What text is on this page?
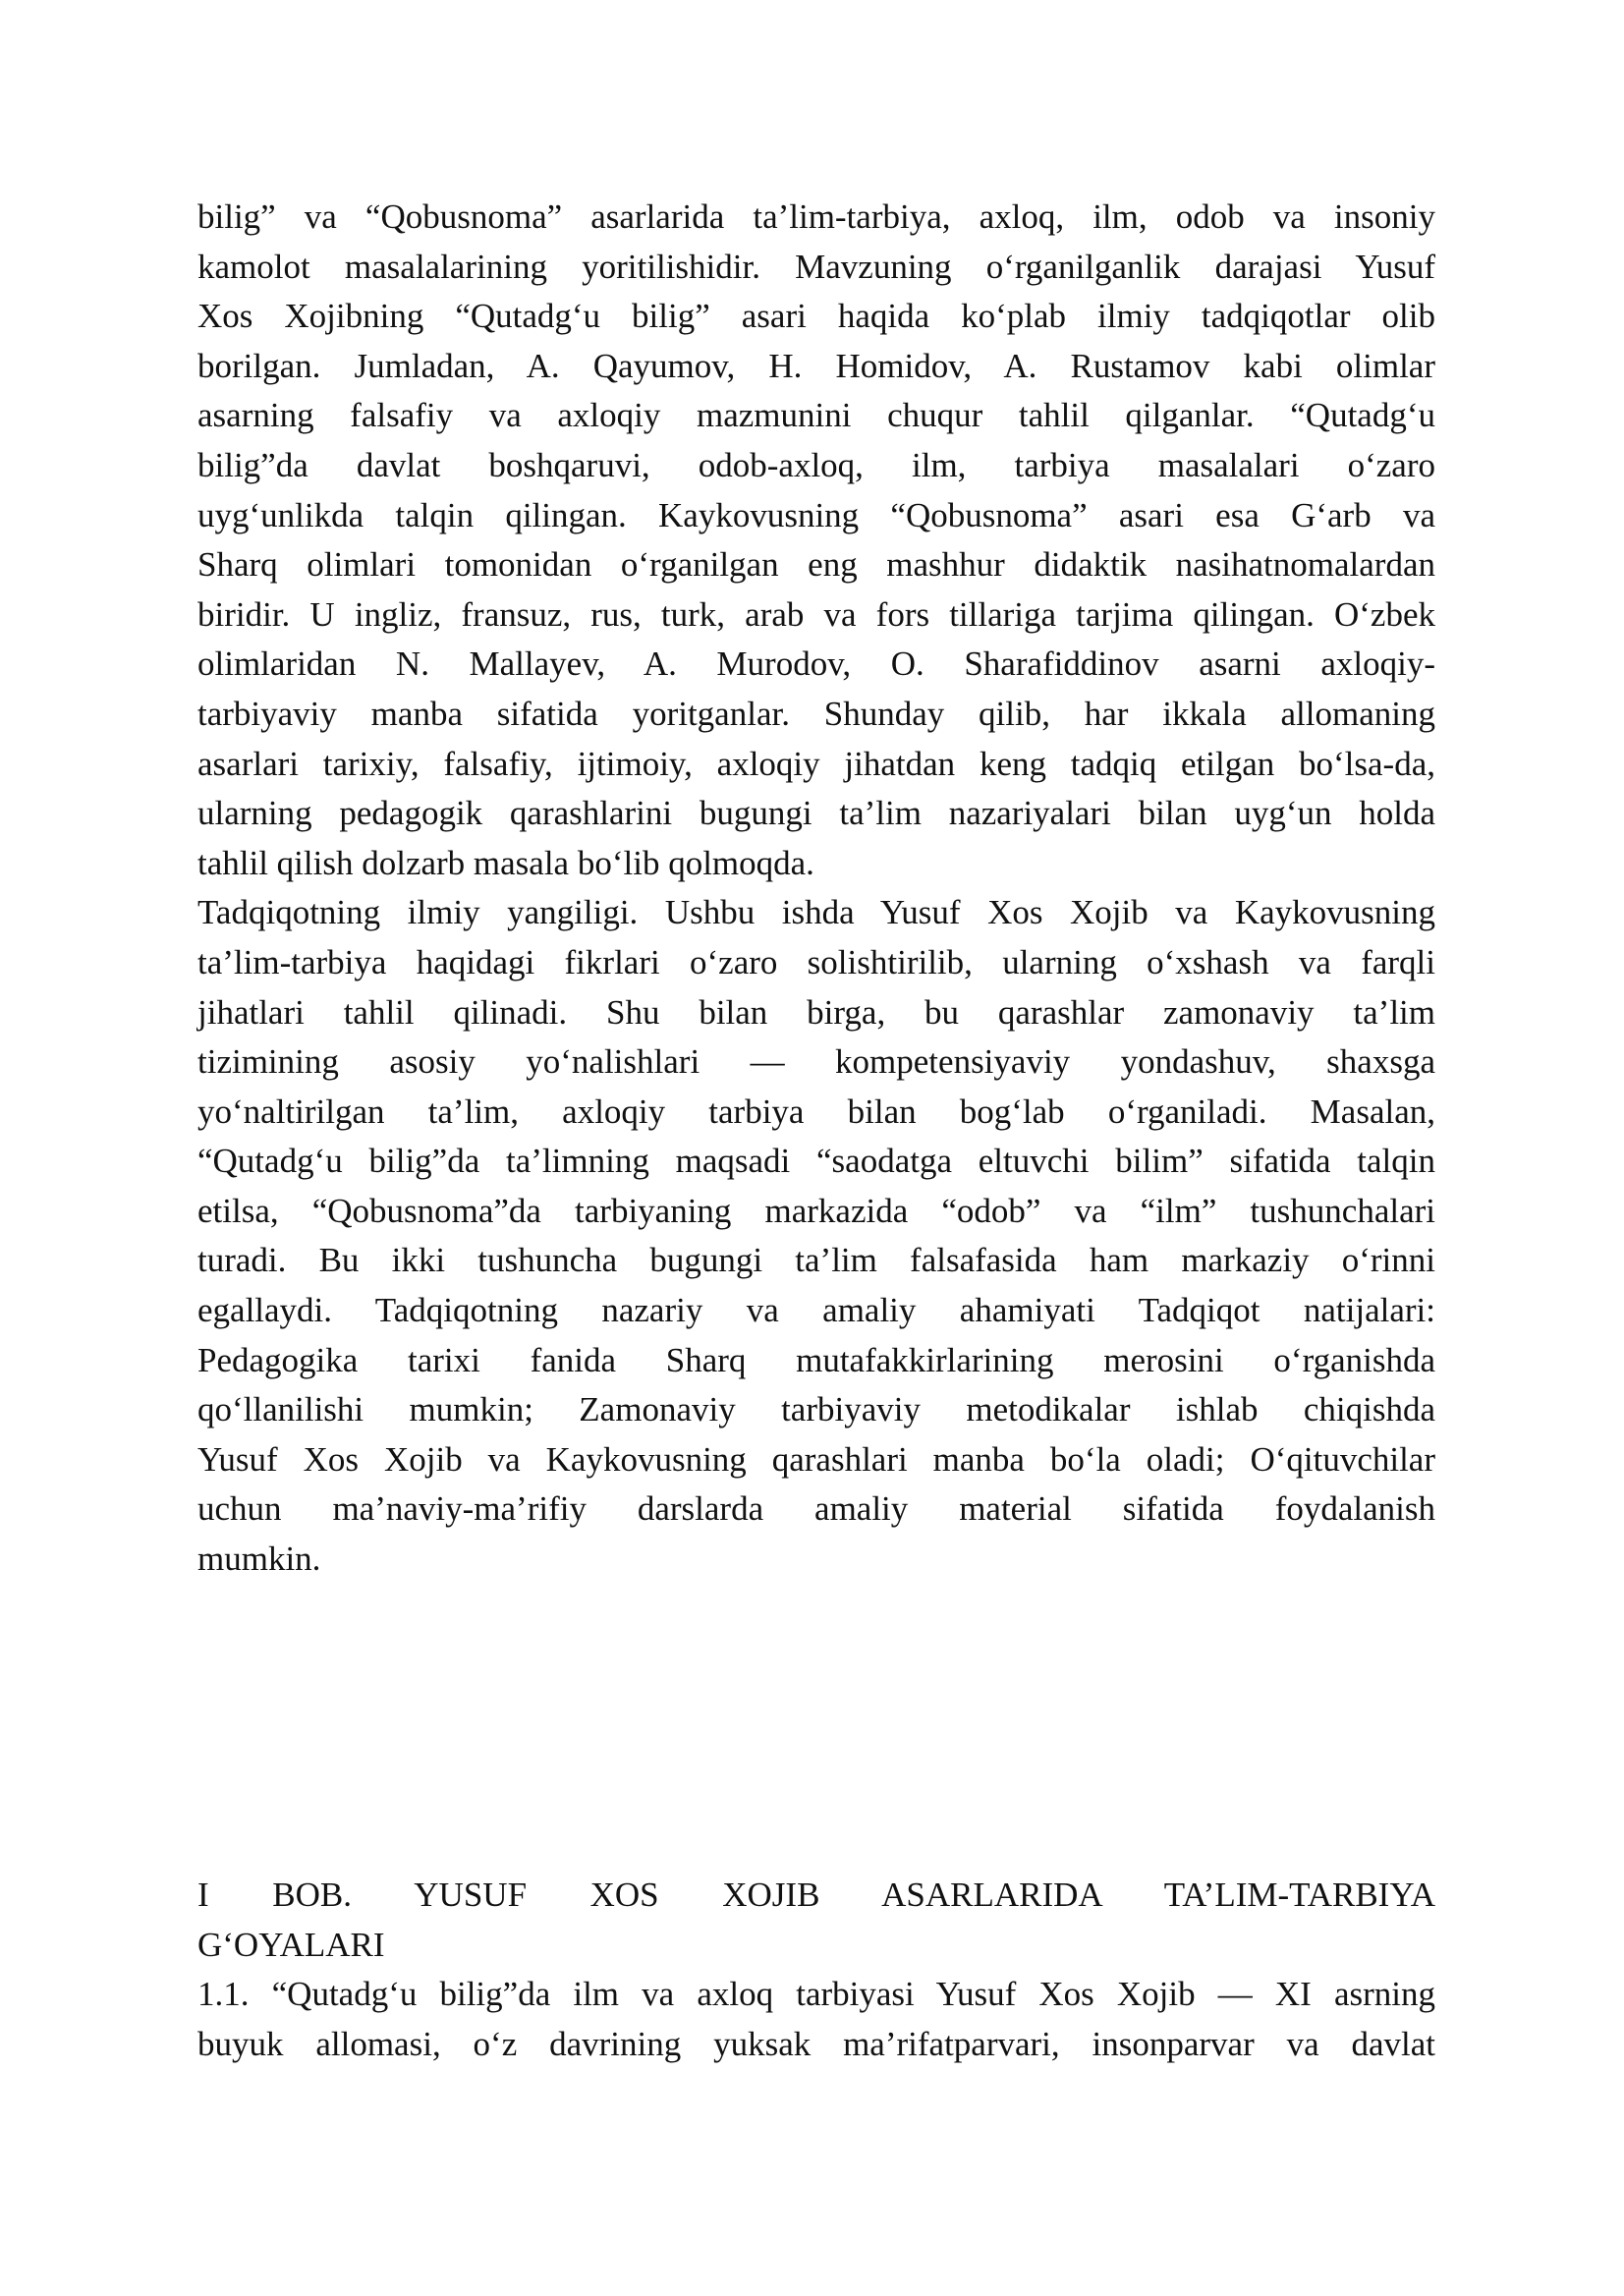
bilig” va “Qobusnoma” asarlarida ta’lim-tarbiya, axloq, ilm, odob va insoniy
kamolot masalalarining yoritilishidir. Mavzuning o‘rganilganlik darajasi Yusuf
Xos Xojibning “Qutadg‘u bilig” asari haqida ko‘plab ilmiy tadqiqotlar olib
borilgan. Jumladan, A. Qayumov, H. Homidov, A. Rustamov kabi olimlar
asarning falsafiy va axloqiy mazmunini chuqur tahlil qilganlar. “Qutadg‘u
bilig”da davlat boshqaruvi, odob-axloq, ilm, tarbiya masalalari o‘zaro
uyg‘unlikda talqin qilingan. Kaykovusning “Qobusnoma” asari esa G‘arb va
Sharq olimlari tomonidan o‘rganilgan eng mashhur didaktik nasihatnomalardan
biridir. U ingliz, fransuz, rus, turk, arab va fors tillariga tarjima qilingan. O‘zbek
olimlaridan N. Mallayev, A. Murodov, O. Sharafiddinov asarni axloqiy-
tarbiyaviy manba sifatida yoritganlar. Shunday qilib, har ikkala allomaning
asarlari tarixiy, falsafiy, ijtimoiy, axloqiy jihatdan keng tadqiq etilgan bo‘lsa-da,
ularning pedagogik qarashlarini bugungi ta’lim nazariyalari bilan uyg‘un holda
tahlil qilish dolzarb masala bo‘lib qolmoqda.
Tadqiqotning ilmiy yangiligi. Ushbu ishda Yusuf Xos Xojib va Kaykovusning
ta’lim-tarbiya haqidagi fikrlari o‘zaro solishtirilib, ularning o‘xshash va farqli
jihatlari tahlil qilinadi. Shu bilan birga, bu qarashlar zamonaviy ta’lim
tizimining asosiy yo‘nalishlari — kompetensiyaviy yondashuv, shaxsga
yo‘naltirilgan ta’lim, axloqiy tarbiya bilan bog‘lab o‘rganiladi. Masalan,
“Qutadg‘u bilig”da ta’limning maqsadi “saodatga eltuvchi bilim” sifatida talqin
etilsa, “Qobusnoma”da tarbiyaning markazida “odob” va “ilm” tushunchalari
turadi. Bu ikki tushuncha bugungi ta’lim falsafasida ham markaziy o‘rinni
egallaydi. Tadqiqotning nazariy va amaliy ahamiyati Tadqiqot natijalari:
Pedagogika tarixi fanida Sharq mutafakkirlarining merosini o‘rganishda
qo‘llanilishi mumkin; Zamonaviy tarbiyaviy metodikalar ishlab chiqishda
Yusuf Xos Xojib va Kaykovusning qarashlari manba bo‘la oladi; O‘qituvchilar
uchun ma’naviy-ma’rifiy darslarda amaliy material sifatida foydalanish
mumkin.
I BOB. YUSUF XOS XOJIB ASARLARIDA TA’LIM-TARBIYA
G‘OYALARI
1.1. “Qutadg‘u bilig”da ilm va axloq tarbiyasi Yusuf Xos Xojib — XI asrning
buyuk allomasi, o‘z davrining yuksak ma’rifatparvari, insonparvar va davlat
